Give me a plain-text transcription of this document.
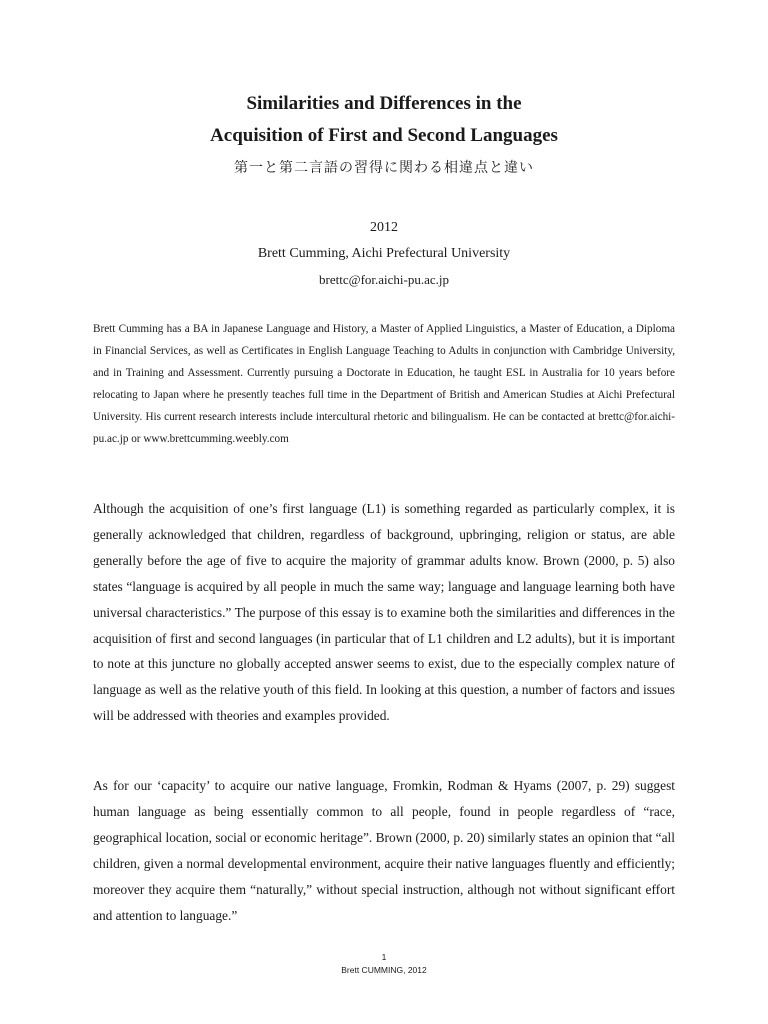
Similarities and Differences in the
Acquisition of First and Second Languages
第一と第二言語の習得に関わる相違点と違い
2012
Brett Cumming, Aichi Prefectural University
brettc@for.aichi-pu.ac.jp
Brett Cumming has a BA in Japanese Language and History, a Master of Applied Linguistics, a Master of Education, a Diploma in Financial Services, as well as Certificates in English Language Teaching to Adults in conjunction with Cambridge University, and in Training and Assessment. Currently pursuing a Doctorate in Education, he taught ESL in Australia for 10 years before relocating to Japan where he presently teaches full time in the Department of British and American Studies at Aichi Prefectural University. His current research interests include intercultural rhetoric and bilingualism. He can be contacted at brettc@for.aichi-pu.ac.jp or www.brettcumming.weebly.com
Although the acquisition of one’s first language (L1) is something regarded as particularly complex, it is generally acknowledged that children, regardless of background, upbringing, religion or status, are able generally before the age of five to acquire the majority of grammar adults know. Brown (2000, p. 5) also states “language is acquired by all people in much the same way; language and language learning both have universal characteristics.” The purpose of this essay is to examine both the similarities and differences in the acquisition of first and second languages (in particular that of L1 children and L2 adults), but it is important to note at this juncture no globally accepted answer seems to exist, due to the especially complex nature of language as well as the relative youth of this field. In looking at this question, a number of factors and issues will be addressed with theories and examples provided.
As for our ‘capacity’ to acquire our native language, Fromkin, Rodman & Hyams (2007, p. 29) suggest human language as being essentially common to all people, found in people regardless of “race, geographical location, social or economic heritage”. Brown (2000, p. 20) similarly states an opinion that “all children, given a normal developmental environment, acquire their native languages fluently and efficiently; moreover they acquire them “naturally,” without special instruction, although not without significant effort and attention to language.”
1
Brett CUMMING, 2012
